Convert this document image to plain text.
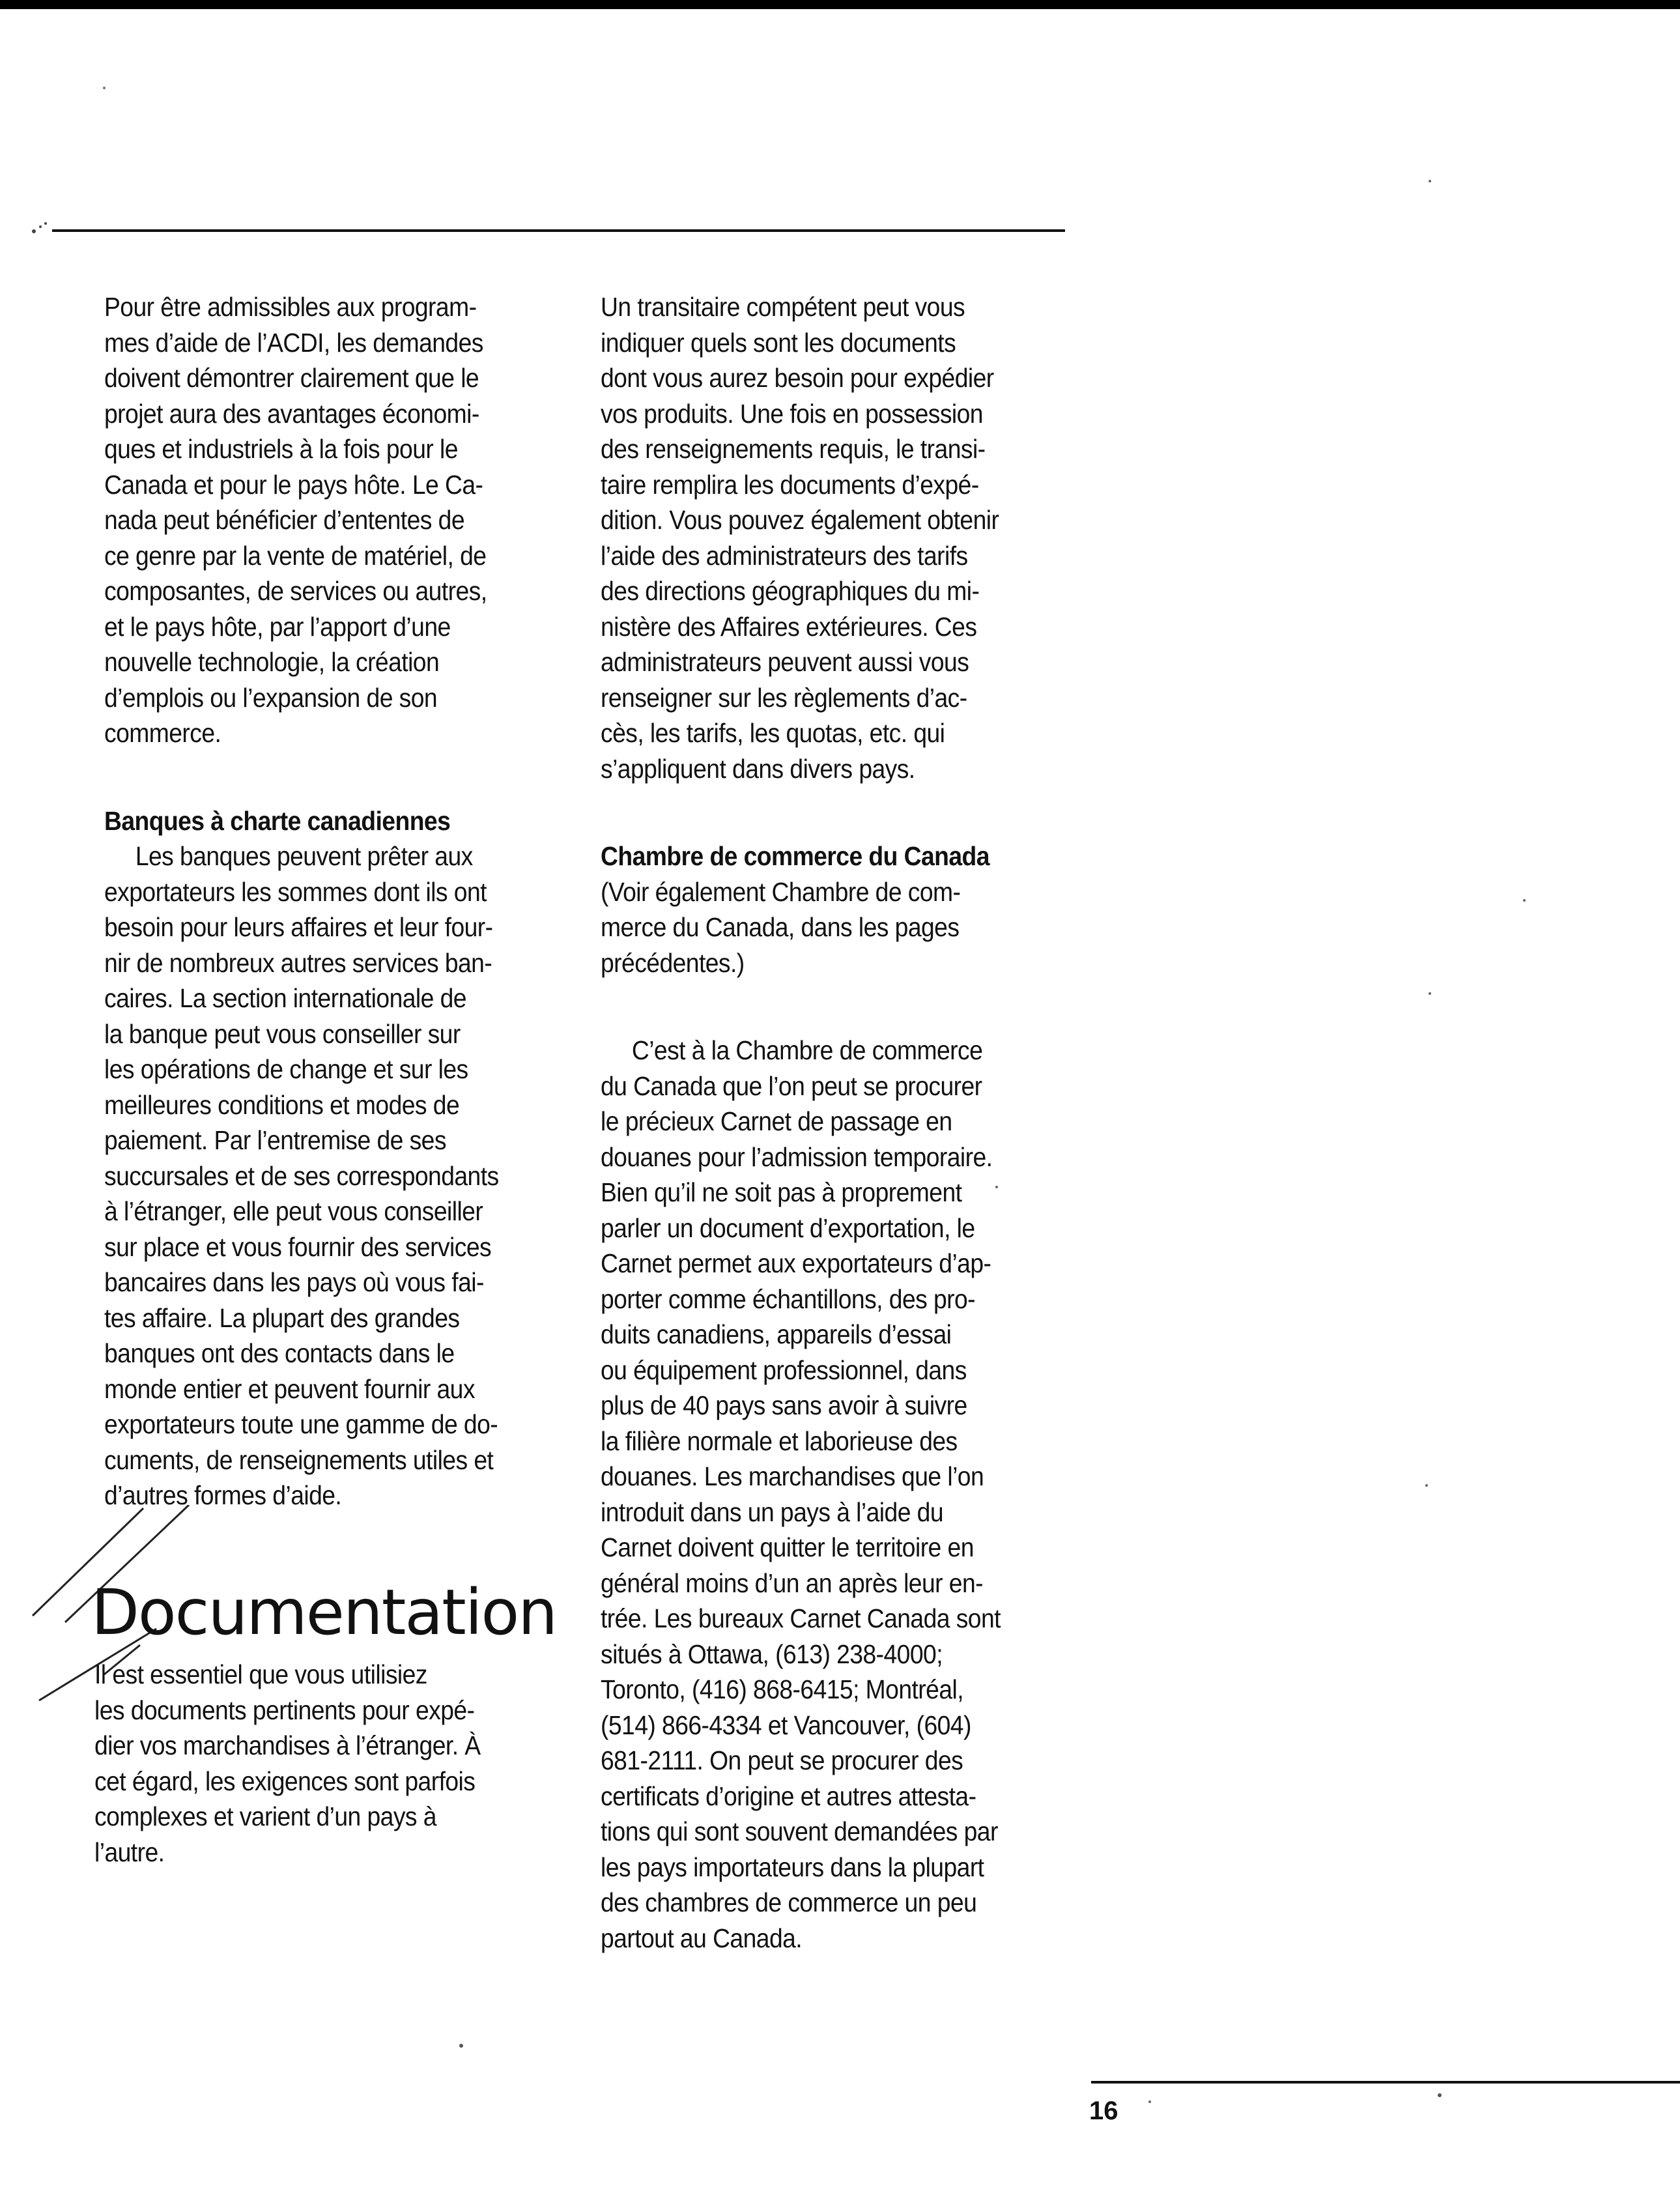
Pour être admissibles aux program-
mes d’aide de l’ACDI, les demandes
doivent démontrer clairement que le
projet aura des avantages économi-
ques et industriels à la fois pour le
Canada et pour le pays hôte. Le Ca-
nada peut bénéficier d’ententes de
ce genre par la vente de matériel, de
composantes, de services ou autres,
et le pays hôte, par l’apport d’une
nouvelle technologie, la création
d’emplois ou l’expansion de son
commerce.

Banques à charte canadiennes

Les banques peuvent prêter aux
exportateurs les sommes dont ils ont
besoin pour leurs affaires et leur four-
nir de nombreux autres services ban-
caires. La section internationale de
la banque peut vous conseiller sur
les opérations de change et sur les
meilleures conditions et modes de
paiement. Par l’entremise de ses
succursales et de ses correspondants
à l’étranger, elle peut vous conseiller
sur place et vous fournir des services
bancaires dans les pays où vous fai-
tes affaire. La plupart des grandes
banques ont des contacts dans le
monde entier et peuvent fournir aux
exportateurs toute une gamme de do-
cuments, de renseignements utiles et
d’autres formes d’aide.

Documentation
Il est essentiel que vous utilisiez
les documents pertinents pour expé-
dier vos marchandises à l’étranger. À
cet égard, les exigences sont parfois
complexes et varient d’un pays à
l’autre.

Un transitaire compétent peut vous
indiquer quels sont les documents
dont vous aurez besoin pour expédier
vos produits. Une fois en possession
des renseignements requis, le transi-
taire remplira les documents d’expé-
dition. Vous pouvez également obtenir
l’aide des administrateurs des tarifs
des directions géographiques du mi-
nistère des Affaires extérieures. Ces
administrateurs peuvent aussi vous
renseigner sur les règlements d’ac-
cès, les tarifs, les quotas, etc. qui
s’appliquent dans divers pays.

Chambre de commerce du Canada

(Voir également Chambre de com-
merce du Canada, dans les pages
précédentes.)

C’est à la Chambre de commerce
du Canada que l’on peut se procurer
le précieux Carnet de passage en
douanes pour l’admission temporaire.
Bien qu’il ne soit pas à proprement
parler un document d’exportation, le
Carnet permet aux exportateurs d’ap-
porter comme échantillons, des pro-
duits canadiens, appareils d’essai
ou équipement professionnel, dans
plus de 40 pays sans avoir à suivre
la filière normale et laborieuse des
douanes. Les marchandises que l’on
introduit dans un pays à l’aide du
Carnet doivent quitter le territoire en
général moins d’un an après leur en-
trée. Les bureaux Carnet Canada sont
situés à Ottawa, (613) 238-4000;
Toronto, (416) 868-6415; Montréal,
(514) 866-4334 et Vancouver, (604)
681-2111. On peut se procurer des
certificats d’origine et autres attesta-
tions qui sont souvent demandées par
les pays importateurs dans la plupart
des chambres de commerce un peu
partout au Canada.

16
